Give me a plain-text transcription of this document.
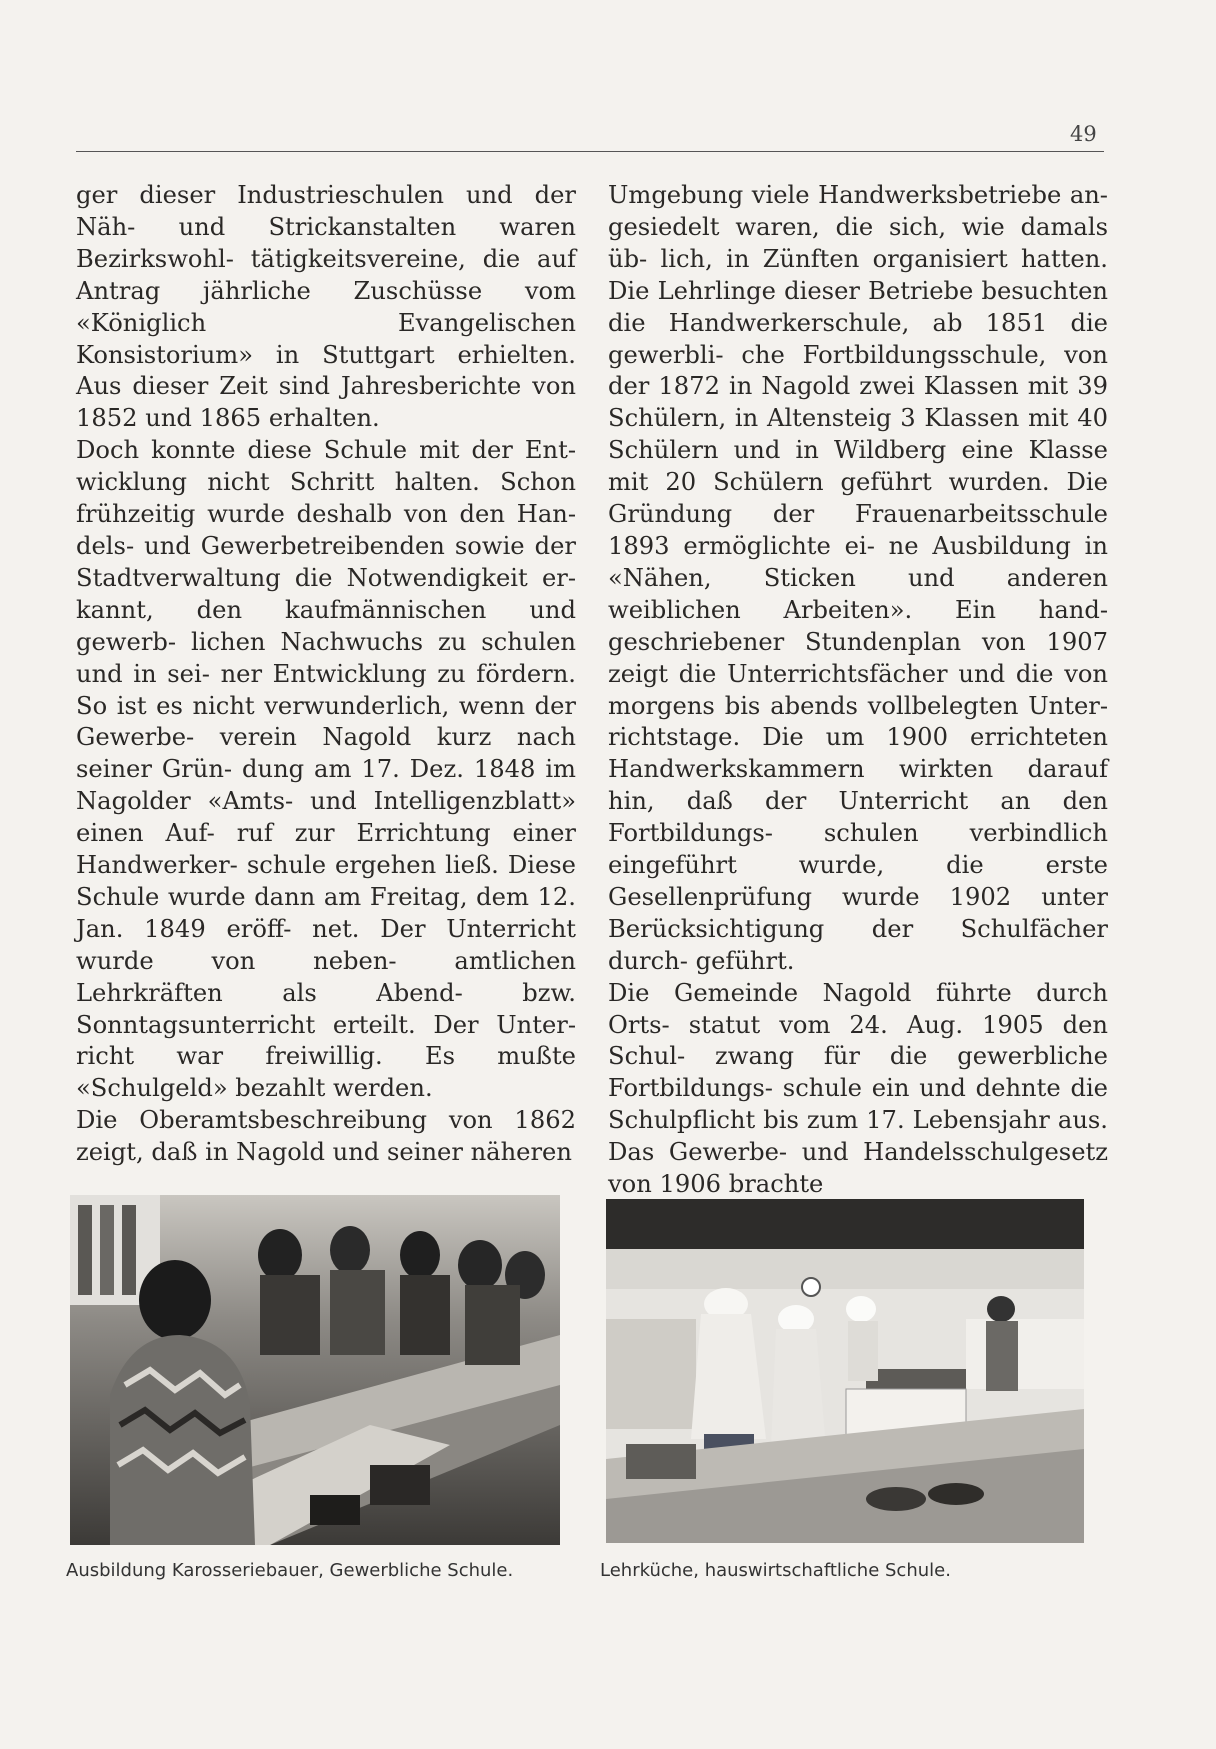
49

ger dieser Industrieschulen und der Näh- und Strickanstalten waren Bezirkswohl- tätigkeitsvereine, die auf Antrag jährliche Zuschüsse vom «Königlich Evangelischen Konsistorium» in Stuttgart erhielten. Aus dieser Zeit sind Jahresberichte von 1852 und 1865 erhalten.

Doch konnte diese Schule mit der Ent- wicklung nicht Schritt halten. Schon frühzeitig wurde deshalb von den Han- dels- und Gewerbetreibenden sowie der Stadtverwaltung die Notwendigkeit er- kannt, den kaufmännischen und gewerb- lichen Nachwuchs zu schulen und in sei- ner Entwicklung zu fördern. So ist es nicht verwunderlich, wenn der Gewerbe- verein Nagold kurz nach seiner Grün- dung am 17. Dez. 1848 im Nagolder «Amts- und Intelligenzblatt» einen Auf- ruf zur Errichtung einer Handwerker- schule ergehen ließ. Diese Schule wurde dann am Freitag, dem 12. Jan. 1849 eröff- net. Der Unterricht wurde von neben- amtlichen Lehrkräften als Abend- bzw. Sonntagsunterricht erteilt. Der Unter- richt war freiwillig. Es mußte «Schulgeld» bezahlt werden.

Die Oberamtsbeschreibung von 1862 zeigt, daß in Nagold und seiner näheren

Umgebung viele Handwerksbetriebe an- gesiedelt waren, die sich, wie damals üb- lich, in Zünften organisiert hatten. Die Lehrlinge dieser Betriebe besuchten die Handwerkerschule, ab 1851 die gewerbli- che Fortbildungsschule, von der 1872 in Nagold zwei Klassen mit 39 Schülern, in Altensteig 3 Klassen mit 40 Schülern und in Wildberg eine Klasse mit 20 Schülern geführt wurden. Die Gründung der Frauenarbeitsschule 1893 ermöglichte ei- ne Ausbildung in «Nähen, Sticken und anderen weiblichen Arbeiten». Ein hand- geschriebener Stundenplan von 1907 zeigt die Unterrichtsfächer und die von morgens bis abends vollbelegten Unter- richtstage. Die um 1900 errichteten Handwerkskammern wirkten darauf hin, daß der Unterricht an den Fortbildungs- schulen verbindlich eingeführt wurde, die erste Gesellenprüfung wurde 1902 unter Berücksichtigung der Schulfächer durch- geführt.

Die Gemeinde Nagold führte durch Orts- statut vom 24. Aug. 1905 den Schul- zwang für die gewerbliche Fortbildungs- schule ein und dehnte die Schulpflicht bis zum 17. Lebensjahr aus. Das Gewerbe- und Handelsschulgesetz von 1906 brachte

Ausbildung Karosseriebauer, Gewerbliche Schule.	Lehrküche, hauswirtschaftliche Schule.
